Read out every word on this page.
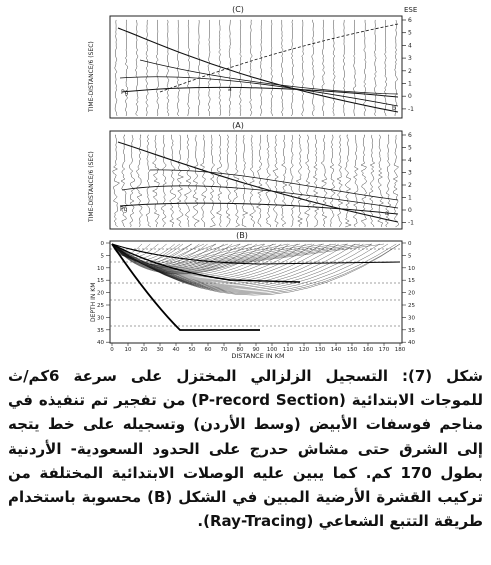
(C)	ESE
6
5
4
3
2
1
0
-1
TIME-DISTANCE/6 (SEC)	Pg	a
b
(A)
6
5
4
3
2
1
0
-1
TIME-DISTANCE/6 (SEC)	Pg
a
(B)
0	0
5	5
10	10
15	15
20	20
25	25
30	30
35	35
40	40
0 10 20 30 40 50 60 70 80 90 100 110 120 130 140 150 160 170 180
DEPTH IN KM
DISTANCE IN KM
شكل (7): التسجيل الزلزالي المختزل على سرعة 6كم/ث للموجات الابتدائية (P-record Section) من تفجير تم تنفيذه في مناجم فوسفات الأبيض (وسط الأردن) وتسجيله على خط يتجه إلى الشرق حتى مشاش حدرج على الحدود السعودية- الأردنية بطول 170 كم. كما يبين عليه الوصلات الابتدائية المختلفة من تركيب القشرة الأرضية المبين في الشكل (B) محسوبة باستخدام طريقة التتبع الشعاعي (Ray-Tracing).
